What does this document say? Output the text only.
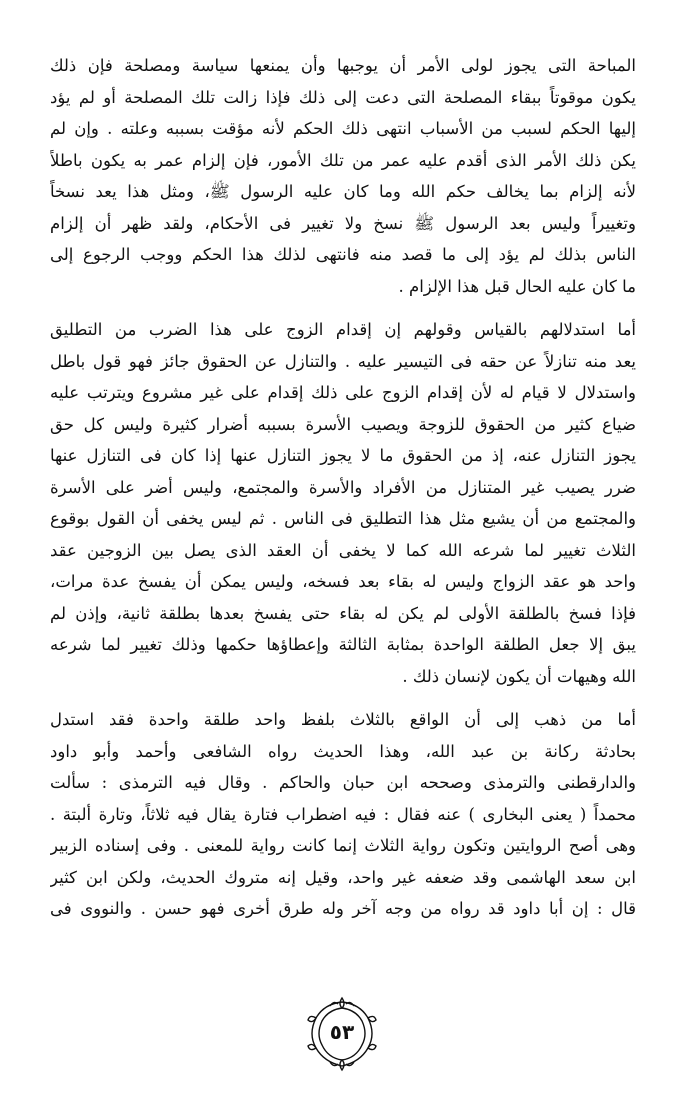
المباحة التى يجوز لولى الأمر أن يوجبها وأن يمنعها سياسة ومصلحة فإن ذلك
يكون موقوتاً ببقاء المصلحة التى دعت إلى ذلك فإذا زالت تلك المصلحة أو لم يؤد
إليها الحكم لسبب من الأسباب انتهى ذلك الحكم لأنه مؤقت بسببه وعلته . وإن لم
يكن ذلك الأمر الذى أقدم عليه عمر من تلك الأمور، فإن إلزام عمر به يكون باطلاً
لأنه إلزام بما يخالف حكم الله وما كان عليه الرسول ﷺ، ومثل هذا يعد نسخاً
وتغييراً وليس بعد الرسول ﷺ نسخ ولا تغيير فى الأحكام، ولقد ظهر أن إلزام
الناس بذلك لم يؤد إلى ما قصد منه فانتهى لذلك هذا الحكم ووجب الرجوع إلى
ما كان عليه الحال قبل هذا الإلزام .

أما استدلالهم بالقياس وقولهم إن إقدام الزوج على هذا الضرب من التطليق
يعد منه تنازلاً عن حقه فى التيسير عليه . والتنازل عن الحقوق جائز فهو قول باطل
واستدلال لا قيام له لأن إقدام الزوج على ذلك إقدام على غير مشروع ويترتب عليه
ضياع كثير من الحقوق للزوجة ويصيب الأسرة بسببه أضرار كثيرة وليس كل حق
يجوز التنازل عنه، إذ من الحقوق ما لا يجوز التنازل عنها إذا كان فى التنازل عنها
ضرر يصيب غير المتنازل من الأفراد والأسرة والمجتمع، وليس أضر على الأسرة
والمجتمع من أن يشيع مثل هذا التطليق فى الناس . ثم ليس يخفى أن القول بوقوع
الثلاث تغيير لما شرعه الله كما لا يخفى أن العقد الذى يصل بين الزوجين عقد
واحد هو عقد الزواج وليس له بقاء بعد فسخه، وليس يمكن أن يفسخ عدة مرات،
فإذا فسخ بالطلقة الأولى لم يكن له بقاء حتى يفسخ بعدها بطلقة ثانية، وإذن لم
يبق إلا جعل الطلقة الواحدة بمثابة الثالثة وإعطاؤها حكمها وذلك تغيير لما شرعه
الله وهيهات أن يكون لإنسان ذلك .

أما من ذهب إلى أن الواقع بالثلاث بلفظ واحد طلقة واحدة فقد استدل
بحادثة ركانة بن عبد الله، وهذا الحديث رواه الشافعى وأحمد وأبو داود
والدارقطنى والترمذى وصححه ابن حبان والحاكم . وقال فيه الترمذى : سألت
محمداً ( يعنى البخارى ) عنه فقال : فيه اضطراب فتارة يقال فيه ثلاثاً، وتارة ألبتة .
وهى أصح الروايتين وتكون رواية الثلاث إنما كانت رواية للمعنى . وفى إسناده الزبير
ابن سعد الهاشمى وقد ضعفه غير واحد، وقيل إنه متروك الحديث، ولكن ابن كثير
قال : إن أبا داود قد رواه من وجه آخر وله طرق أخرى فهو حسن . والنووى فى

٥٣
